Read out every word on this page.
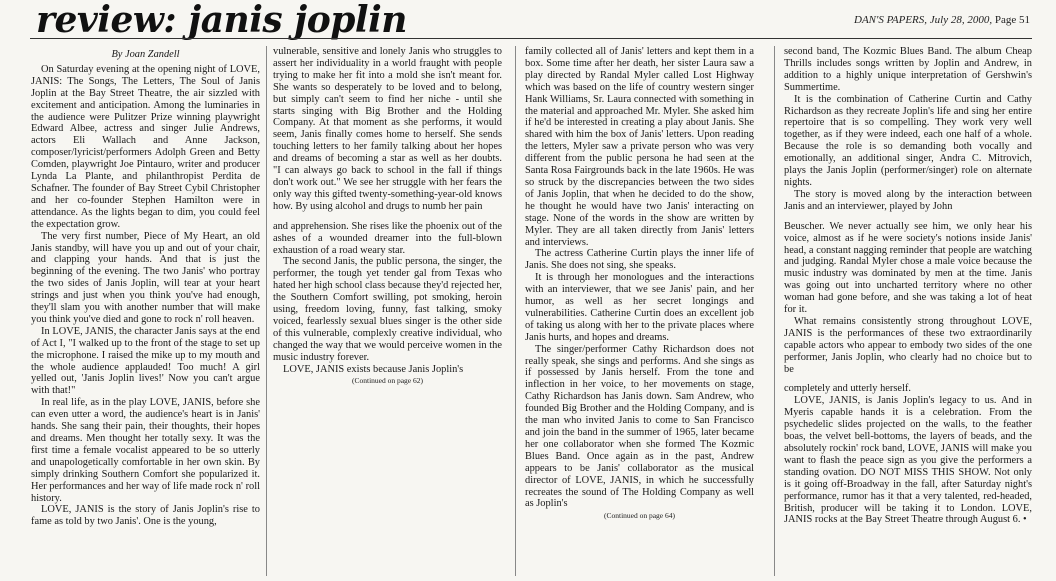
review: janis joplin	DAN'S PAPERS, July 28, 2000, Page 51

By Joan Zandell

On Saturday evening at the opening night of LOVE, JANIS: The Songs, The Letters, The Soul of Janis Joplin at the Bay Street Theatre, the air sizzled with excitement and anticipation. Among the luminaries in the audience were Pulitzer Prize winning playwright Edward Albee, actress and singer Julie Andrews, actors Eli Wallach and Anne Jackson, composer/lyricist/performers Adolph Green and Betty Comden, playwright Joe Pintauro, writer and producer Lynda La Plante, and philanthropist Perdita de Schafner. The founder of Bay Street Cybil Christopher and her co-founder Stephen Hamilton were in attendance. As the lights began to dim, you could feel the expectation grow.

The very first number, Piece of My Heart, an old Janis standby, will have you up and out of your chair, and clapping your hands. And that is just the beginning of the evening. The two Janis' who portray the two sides of Janis Joplin, will tear at your heart strings and just when you think you've had enough, they'll slam you with another number that will make you think you've died and gone to rock n' roll heaven.

In LOVE, JANIS, the character Janis says at the end of Act I, "I walked up to the front of the stage to set up the microphone. I raised the mike up to my mouth and the whole audience applauded! Too much! A girl yelled out, 'Janis Joplin lives!' Now you can't argue with that!"

In real life, as in the play LOVE, JANIS, before she can even utter a word, the audience's heart is in Janis' hands. She sang their pain, their thoughts, their hopes and dreams. Men thought her totally sexy. It was the first time a female vocalist appeared to be so utterly and unapologetically comfortable in her own skin. By simply drinking Southern Comfort she popularized it. Her performances and her way of life made rock n' roll history.

LOVE, JANIS is the story of Janis Joplin's rise to fame as told by two Janis'. One is the young,

vulnerable, sensitive and lonely Janis who struggles to assert her individuality in a world fraught with people trying to make her fit into a mold she isn't meant for. She wants so desperately to be loved and to belong, but simply can't seem to find her niche - until she starts singing with Big Brother and the Holding Company. At that moment as she performs, it would seem, Janis finally comes home to herself. She sends touching letters to her family talking about her hopes and dreams of becoming a star as well as her doubts. "I can always go back to school in the fall if things don't work out." We see her struggle with her fears the only way this gifted twenty-something-year-old knows how. By using alcohol and drugs to numb her pain

and apprehension. She rises like the phoenix out of the ashes of a wounded dreamer into the full-blown exhaustion of a road weary star.

The second Janis, the public persona, the singer, the performer, the tough yet tender gal from Texas who hated her high school class because they'd rejected her, the Southern Comfort swilling, pot smoking, heroin using, freedom loving, funny, fast talking, smoky voiced, fearlessly sexual blues singer is the other side of this vulnerable, complexly creative individual, who changed the way that we would perceive women in the music industry forever.

LOVE, JANIS exists because Janis Joplin's

(Continued on page 62)

family collected all of Janis' letters and kept them in a box. Some time after her death, her sister Laura saw a play directed by Randal Myler called Lost Highway which was based on the life of country western singer Hank Williams, Sr. Laura connected with something in the material and approached Mr. Myler. She asked him if he'd be interested in creating a play about Janis. She shared with him the box of Janis' letters. Upon reading the letters, Myler saw a private person who was very different from the public persona he had seen at the Santa Rosa Fairgrounds back in the late 1960s. He was so struck by the discrepancies between the two sides of Janis Joplin, that when he decided to do the show, he thought he would have two Janis' interacting on stage. None of the words in the show are written by Myler. They are all taken directly from Janis' letters and interviews.

The actress Catherine Curtin plays the inner life of Janis. She does not sing, she speaks.

It is through her monologues and the interactions with an interviewer, that we see Janis' pain, and her humor, as well as her secret longings and vulnerabilities. Catherine Curtin does an excellent job of taking us along with her to the private places where Janis hurts, and hopes and dreams.

The singer/performer Cathy Richardson does not really speak, she sings and performs. And she sings as if possessed by Janis herself. From the tone and inflection in her voice, to her movements on stage, Cathy Richardson has Janis down. Sam Andrew, who founded Big Brother and the Holding Company, and is the man who invited Janis to come to San Francisco and join the band in the summer of 1965, later became her one collaborator when she formed The Kozmic Blues Band. Once again as in the past, Andrew appears to be Janis' collaborator as the musical director of LOVE, JANIS, in which he successfully recreates the sound of The Holding Company as well as Joplin's

(Continued on page 64)

second band, The Kozmic Blues Band. The album Cheap Thrills includes songs written by Joplin and Andrew, in addition to a highly unique interpretation of Gershwin's Summertime.

It is the combination of Catherine Curtin and Cathy Richardson as they recreate Joplin's life and sing her entire repertoire that is so compelling. They work very well together, as if they were indeed, each one half of a whole. Because the role is so demanding both vocally and emotionally, an additional singer, Andra C. Mitrovich, plays the Janis Joplin (performer/singer) role on alternate nights.

The story is moved along by the interaction between Janis and an interviewer, played by John

Beuscher. We never actually see him, we only hear his voice, almost as if he were society's notions inside Janis' head, a constant nagging reminder that people are watching and judging. Randal Myler chose a male voice because the music industry was dominated by men at the time. Janis was going out into uncharted territory where no other woman had gone before, and she was taking a lot of heat for it.

What remains consistently strong throughout LOVE, JANIS is the performances of these two extraordinarily capable actors who appear to embody two sides of the one performer, Janis Joplin, who clearly had no choice but to be

completely and utterly herself.

LOVE, JANIS, is Janis Joplin's legacy to us. And in Myeris capable hands it is a celebration. From the psychedelic slides projected on the walls, to the feather boas, the velvet bell-bottoms, the layers of beads, and the absolutely rockin' rock band, LOVE, JANIS will make you want to flash the peace sign as you give the performers a standing ovation. DO NOT MISS THIS SHOW. Not only is it going off-Broadway in the fall, after Saturday night's performance, rumor has it that a very talented, red-headed, British, producer will be taking it to London. LOVE, JANIS rocks at the Bay Street Theatre through August 6. •
